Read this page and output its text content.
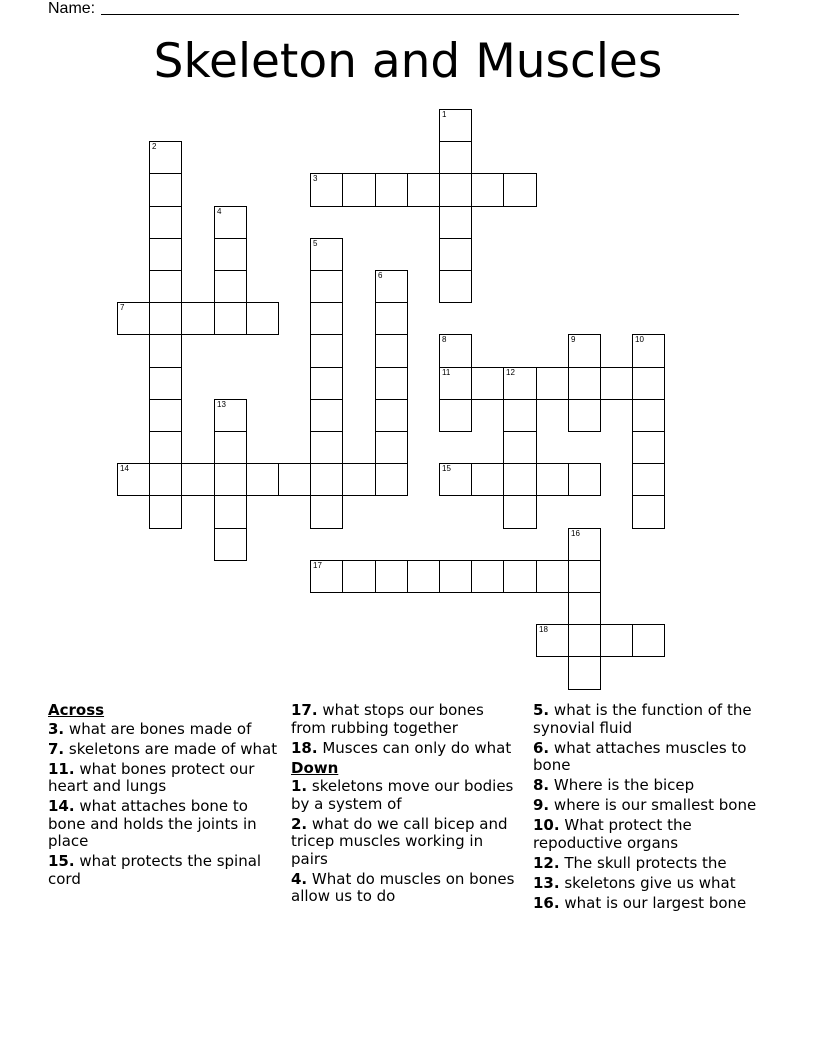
Name:
Skeleton and Muscles
1
3
2
4
5
6
7
8
11
9	10
12
13
14	15
16
17
18
Across
3. what are bones made of
7. skeletons are made of what
11. what bones protect our heart and lungs
14. what attaches bone to bone and holds the joints in place
15. what protects the spinal cord
17. what stops our bones from rubbing together
18. Musces can only do what
Down
1. skeletons move our bodies by a system of
2. what do we call bicep and tricep muscles working in pairs
4. What do muscles on bones allow us to do
5. what is the function of the synovial fluid
6. what attaches muscles to bone
8. Where is the bicep
9. where is our smallest bone
10. What protect the repoductive organs
12. The skull protects the
13. skeletons give us what
16. what is our largest bone
